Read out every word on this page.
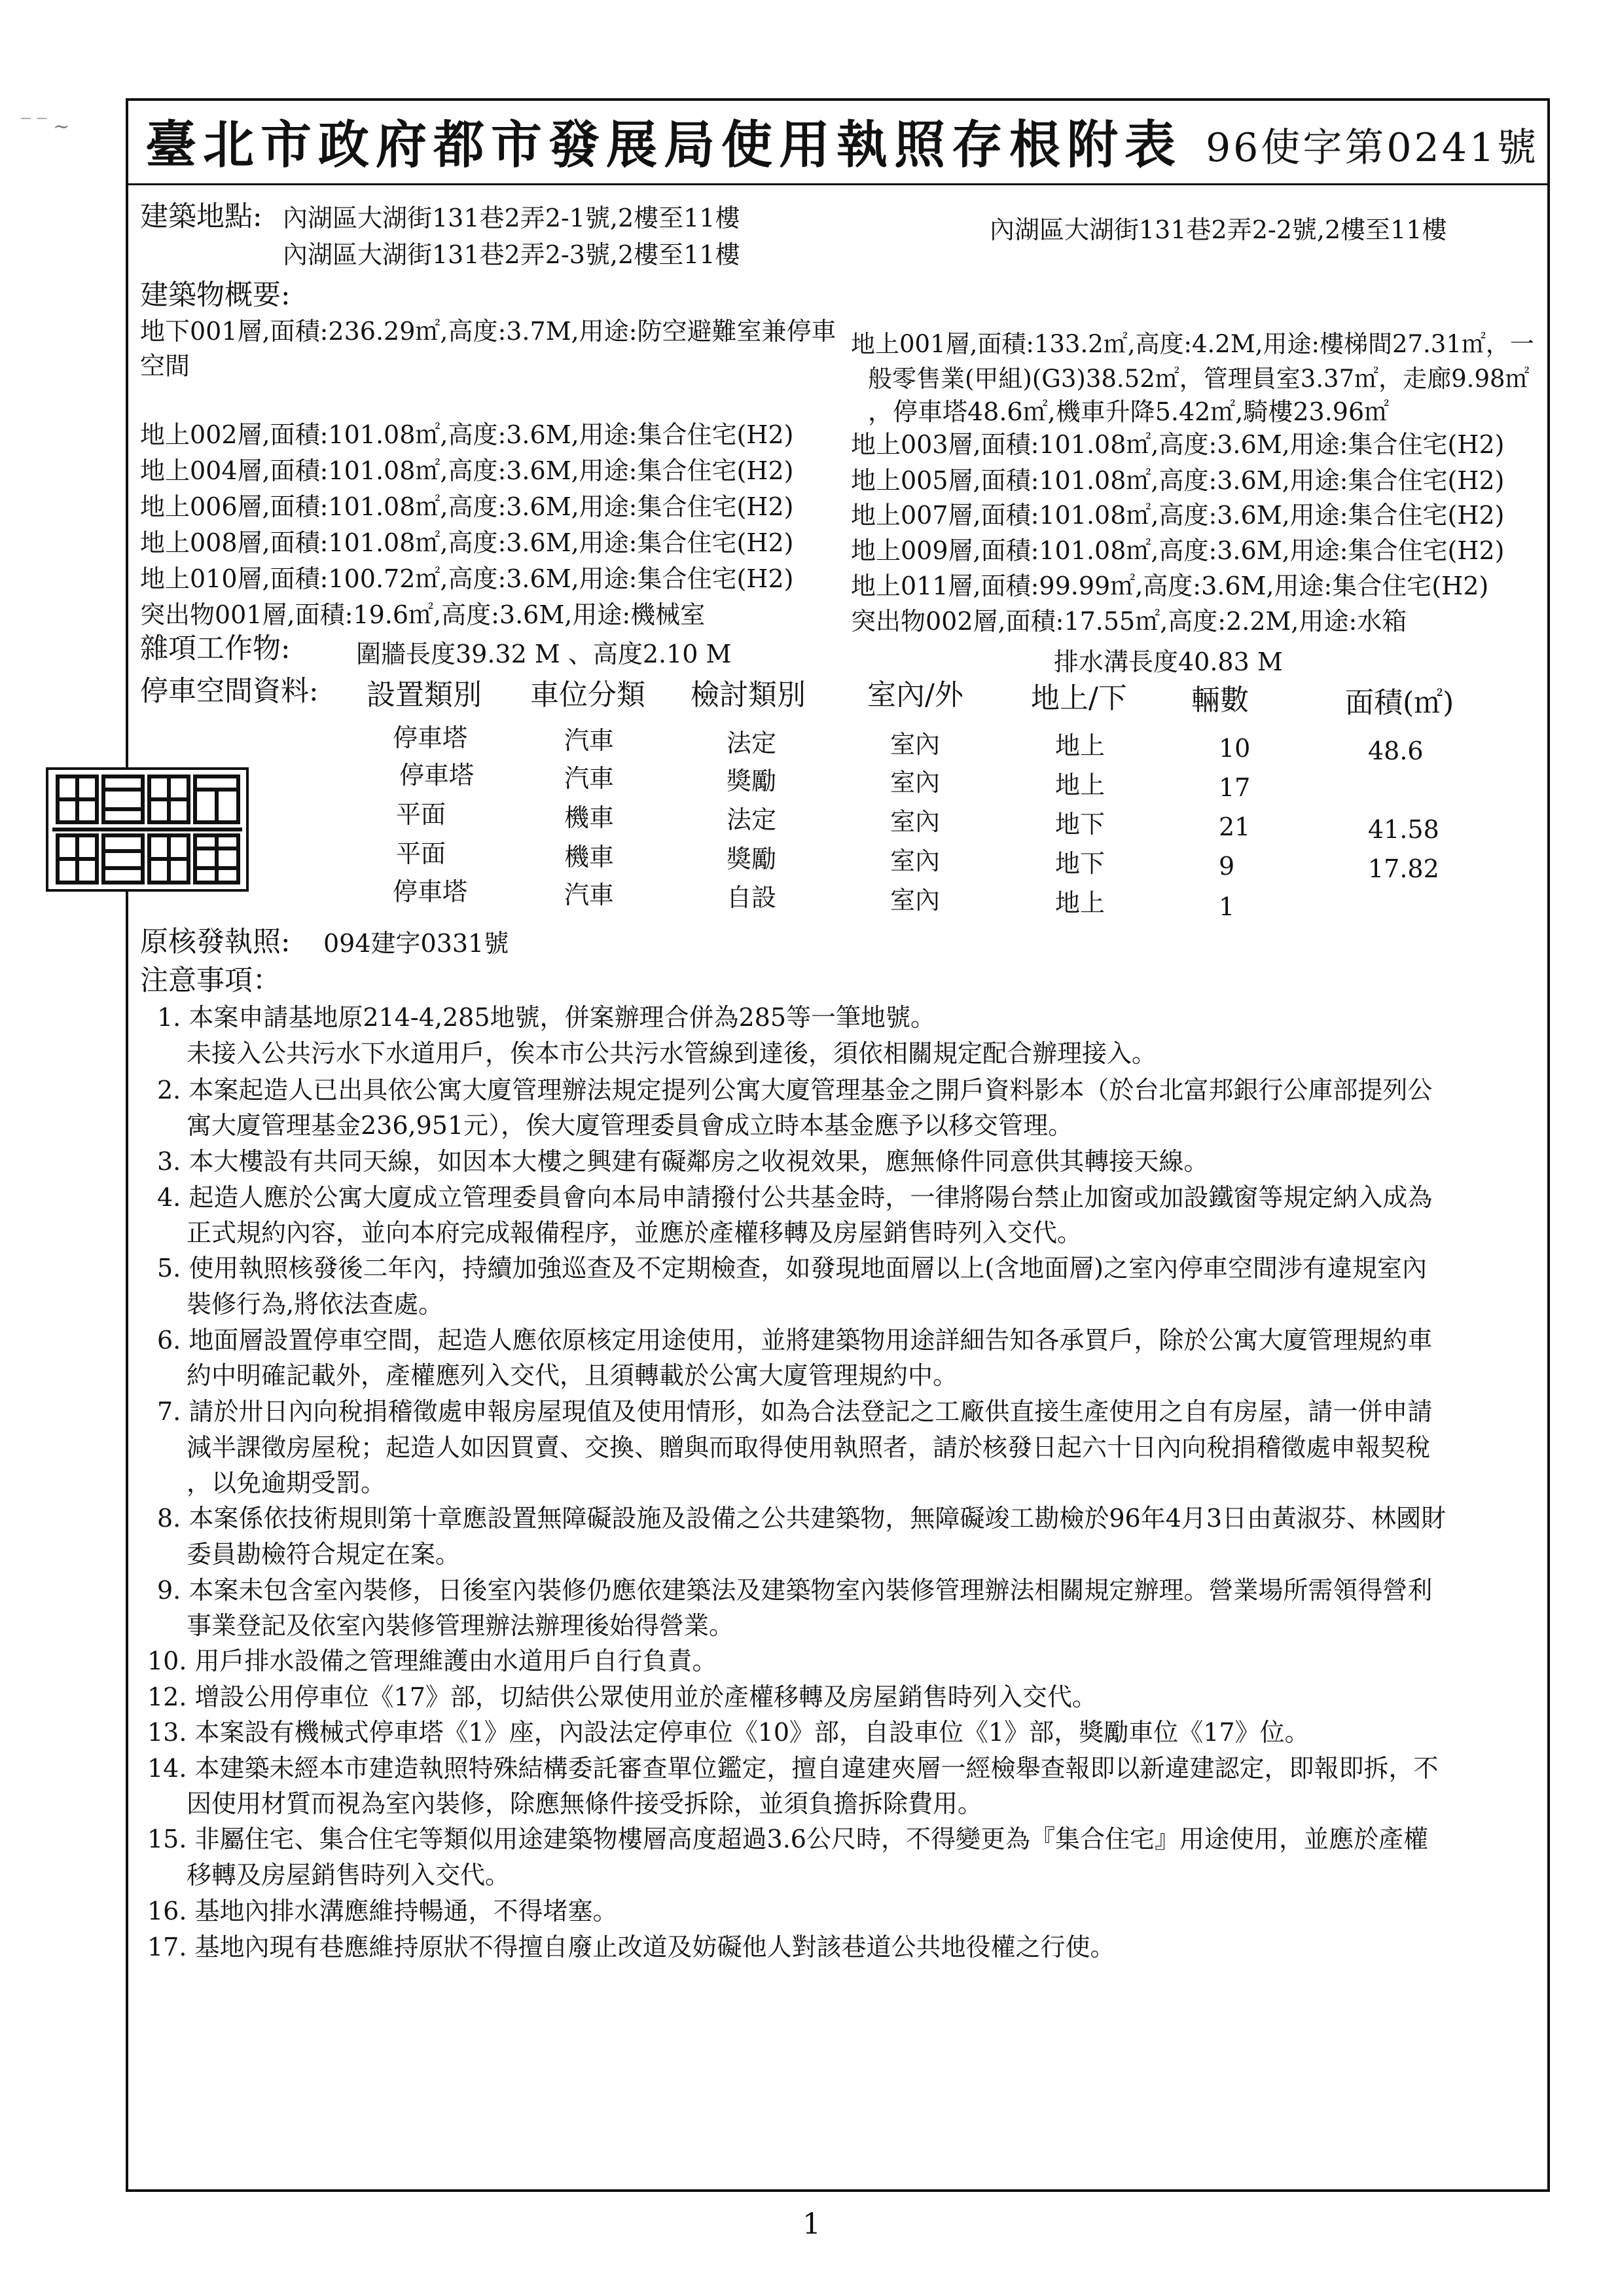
‾ ‾ ~ 臺北市政府都市發展局使用執照存根附表 96使字第0241號
建築地點: 內湖區大湖街131巷2弄2-1號,2樓至11樓	內湖區大湖街131巷2弄2-2號,2樓至11樓
內湖區大湖街131巷2弄2-3號,2樓至11樓
建築物概要:
地下001層,面積:236.29㎡,高度:3.7M,用途:防空避難室兼停車
空間
地上002層,面積:101.08㎡,高度:3.6M,用途:集合住宅(H2)
地上004層,面積:101.08㎡,高度:3.6M,用途:集合住宅(H2)
地上006層,面積:101.08㎡,高度:3.6M,用途:集合住宅(H2)
地上008層,面積:101.08㎡,高度:3.6M,用途:集合住宅(H2)
地上010層,面積:100.72㎡,高度:3.6M,用途:集合住宅(H2)
突出物001層,面積:19.6㎡,高度:3.6M,用途:機械室
地上001層,面積:133.2㎡,高度:4.2M,用途:樓梯間27.31㎡，一
般零售業(甲組)(G3)38.52㎡，管理員室3.37㎡，走廊9.98㎡
，停車塔48.6㎡,機車升降5.42㎡,騎樓23.96㎡
地上003層,面積:101.08㎡,高度:3.6M,用途:集合住宅(H2)
地上005層,面積:101.08㎡,高度:3.6M,用途:集合住宅(H2)
地上007層,面積:101.08㎡,高度:3.6M,用途:集合住宅(H2)
地上009層,面積:101.08㎡,高度:3.6M,用途:集合住宅(H2)
地上011層,面積:99.99㎡,高度:3.6M,用途:集合住宅(H2)
突出物002層,面積:17.55㎡,高度:2.2M,用途:水箱
雜項工作物:	圍牆長度39.32 M 、高度2.10 M	排水溝長度40.83 M
停車空間資料: 設置類別 車位分類 檢討類別 室內/外 地上/下 輛數	面積(㎡)
停車塔	汽車	法定	室內	地上	10	48.6
停車塔	汽車	獎勵	室內	地上	17
平面	機車	法定	室內	地下	21	41.58
平面	機車	獎勵	室內	地下	9	17.82
停車塔	汽車	自設	室內	地上	1
原核發執照: 094建字0331號
注意事項：
1. 本案申請基地原214-4,285地號，併案辦理合併為285等一筆地號。
未接入公共污水下水道用戶，俟本市公共污水管線到達後，須依相關規定配合辦理接入。
2. 本案起造人已出具依公寓大廈管理辦法規定提列公寓大廈管理基金之開戶資料影本（於台北富邦銀行公庫部提列公
寓大廈管理基金236,951元），俟大廈管理委員會成立時本基金應予以移交管理。
3. 本大樓設有共同天線，如因本大樓之興建有礙鄰房之收視效果，應無條件同意供其轉接天線。
4. 起造人應於公寓大廈成立管理委員會向本局申請撥付公共基金時，一律將陽台禁止加窗或加設鐵窗等規定納入成為
正式規約內容，並向本府完成報備程序，並應於產權移轉及房屋銷售時列入交代。
5. 使用執照核發後二年內，持續加強巡查及不定期檢查，如發現地面層以上(含地面層)之室內停車空間涉有違規室內
裝修行為,將依法查處。
6. 地面層設置停車空間，起造人應依原核定用途使用，並將建築物用途詳細告知各承買戶，除於公寓大廈管理規約車
約中明確記載外，產權應列入交代，且須轉載於公寓大廈管理規約中。
7. 請於卅日內向稅捐稽徵處申報房屋現值及使用情形，如為合法登記之工廠供直接生產使用之自有房屋，請一併申請
減半課徵房屋稅；起造人如因買賣、交換、贈與而取得使用執照者，請於核發日起六十日內向稅捐稽徵處申報契稅
，以免逾期受罰。
8. 本案係依技術規則第十章應設置無障礙設施及設備之公共建築物，無障礙竣工勘檢於96年4月3日由黃淑芬、林國財
委員勘檢符合規定在案。
9. 本案未包含室內裝修，日後室內裝修仍應依建築法及建築物室內裝修管理辦法相關規定辦理。營業場所需領得營利
事業登記及依室內裝修管理辦法辦理後始得營業。
10. 用戶排水設備之管理維護由水道用戶自行負責。
12. 增設公用停車位《17》部，切結供公眾使用並於產權移轉及房屋銷售時列入交代。
13. 本案設有機械式停車塔《1》座，內設法定停車位《10》部，自設車位《1》部，獎勵車位《17》位。
14. 本建築未經本市建造執照特殊結構委託審查單位鑑定，擅自違建夾層一經檢舉查報即以新違建認定，即報即拆，不
因使用材質而視為室內裝修，除應無條件接受拆除，並須負擔拆除費用。
15. 非屬住宅、集合住宅等類似用途建築物樓層高度超過3.6公尺時，不得變更為『集合住宅』用途使用，並應於產權
移轉及房屋銷售時列入交代。
16. 基地內排水溝應維持暢通，不得堵塞。
17. 基地內現有巷應維持原狀不得擅自廢止改道及妨礙他人對該巷道公共地役權之行使。
1
